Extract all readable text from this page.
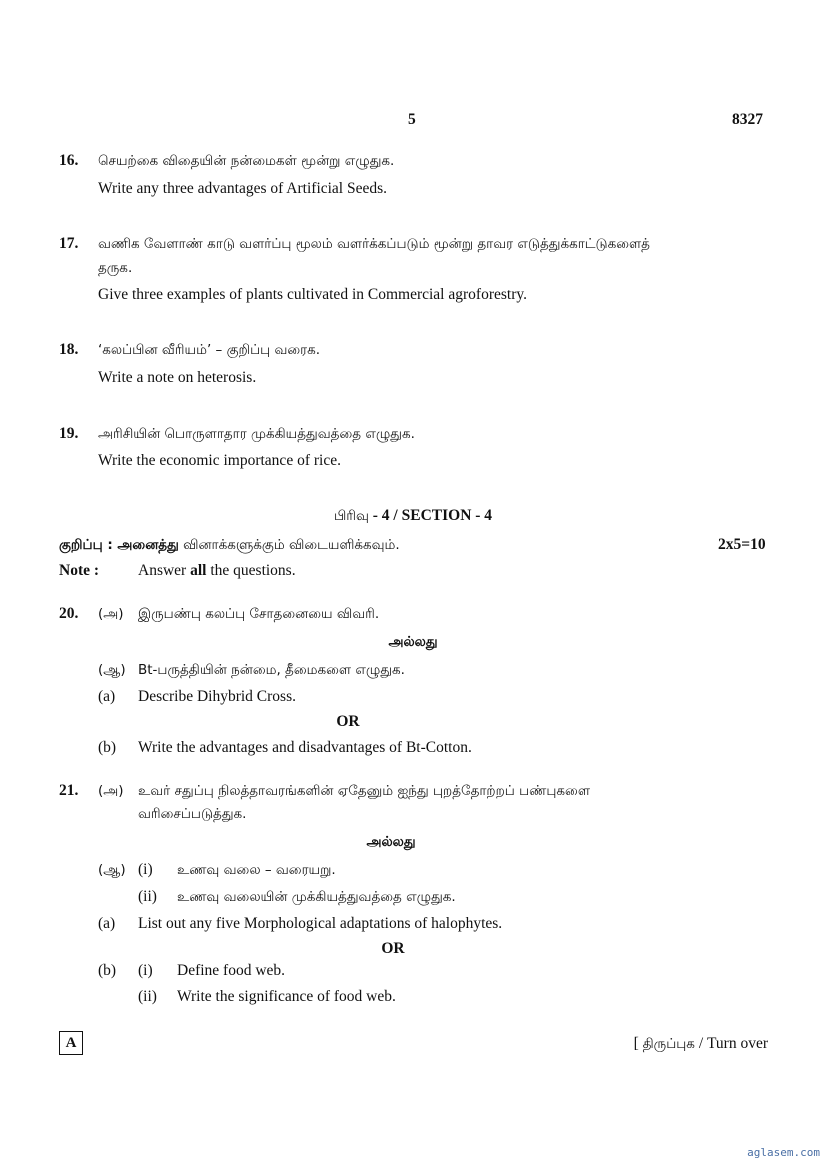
5	8327
16. செயற்கை விதையின் நன்மைகள் மூன்று எழுதுக.
Write any three advantages of Artificial Seeds.
17. வணிக வேளாண் காடு வளர்ப்பு மூலம் வளர்க்கப்படும் மூன்று தாவர எடுத்துக்காட்டுகளைத்
தருக.
Give three examples of plants cultivated in Commercial agroforestry.
18. ‘கலப்பின வீரியம்’ – குறிப்பு வரைக.
Write a note on heterosis.
19. அரிசியின் பொருளாதார முக்கியத்துவத்தை எழுதுக.
Write the economic importance of rice.
பிரிவு - 4 / SECTION - 4
குறிப்பு : அனைத்து வினாக்களுக்கும் விடையளிக்கவும்.	2x5=10
Note :	Answer all the questions.
20. (அ) இருபண்பு கலப்பு சோதனையை விவரி.
அல்லது
(ஆ) Bt-பருத்தியின் நன்மை, தீமைகளை எழுதுக.
(a) Describe Dihybrid Cross.
OR
(b) Write the advantages and disadvantages of Bt-Cotton.
21. (அ) உவர் சதுப்பு நிலத்தாவரங்களின் ஏதேனும் ஐந்து புறத்தோற்றப் பண்புகளை
வரிசைப்படுத்துக.
அல்லது
(ஆ) (i) உணவு வலை – வரையறு.
(ii) உணவு வலையின் முக்கியத்துவத்தை எழுதுக.
(a) List out any five Morphological adaptations of halophytes.
OR
(b) (i) Define food web.
(ii) Write the significance of food web.
A	[ திருப்புக / Turn over
aglasem.com
